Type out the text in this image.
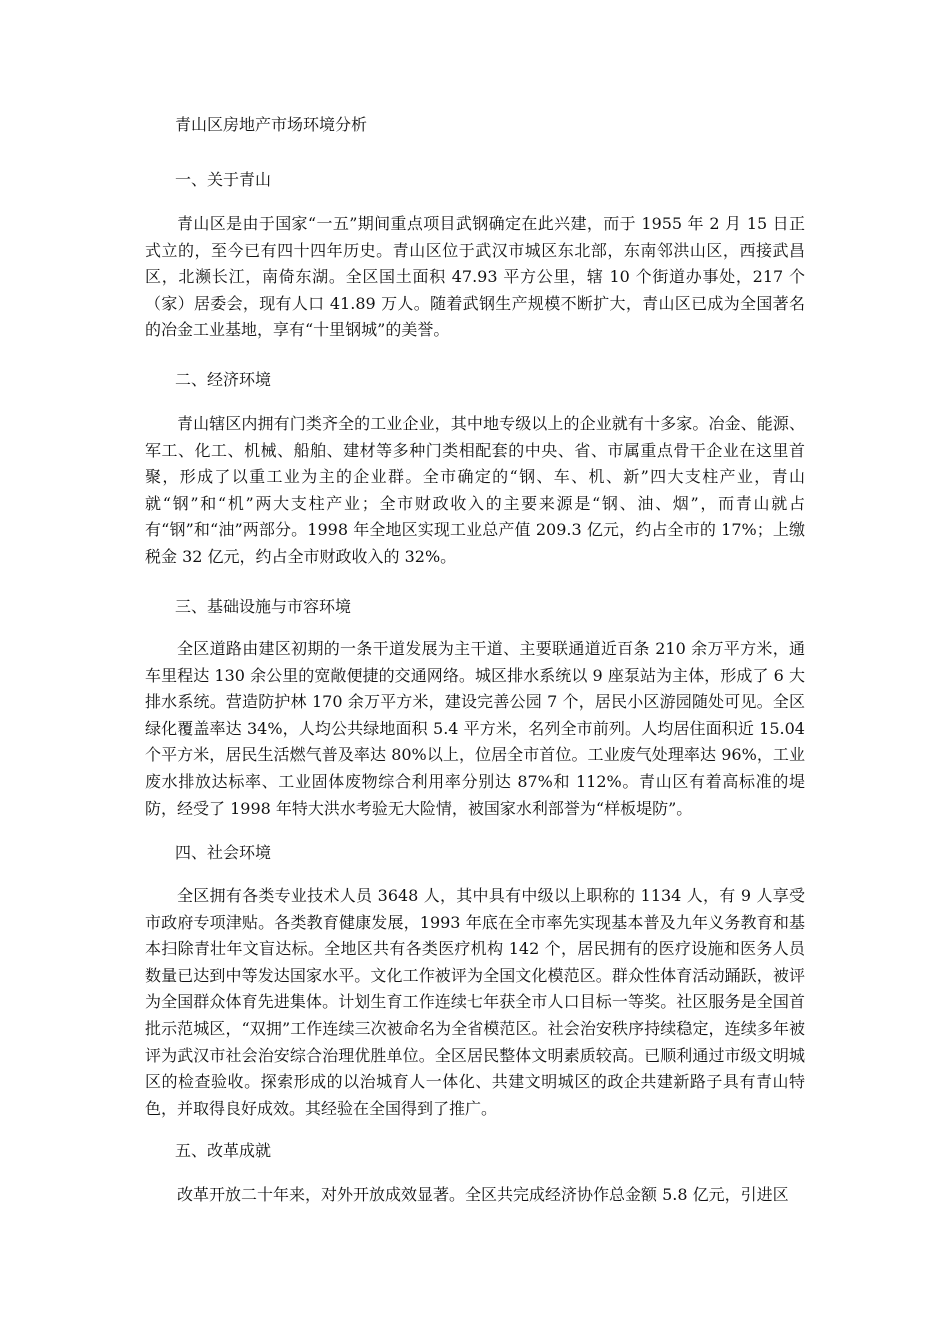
青山区房地产市场环境分析
一、关于青山

青山区是由于国家“一五”期间重点项目武钢确定在此兴建，而于 1955 年 2 月 15 日正式立的，至今已有四十四年历史。青山区位于武汉市城区东北部，东南邻洪山区，西接武昌区，北濒长江，南倚东湖。全区国土面积 47.93 平方公里，辖 10 个街道办事处，217 个（家）居委会，现有人口 41.89 万人。随着武钢生产规模不断扩大，青山区已成为全国著名的冶金工业基地，享有“十里钢城”的美誉。

二、经济环境

青山辖区内拥有门类齐全的工业企业，其中地专级以上的企业就有十多家。冶金、能源、军工、化工、机械、船舶、建材等多种门类相配套的中央、省、市属重点骨干企业在这里首聚，形成了以重工业为主的企业群。全市确定的“钢、车、机、新”四大支柱产业，青山就“钢”和“机”两大支柱产业；全市财政收入的主要来源是“钢、油、烟”，而青山就占有“钢”和“油”两部分。1998 年全地区实现工业总产值 209.3 亿元，约占全市的 17%；上缴税金 32 亿元，约占全市财政收入的 32%。

三、基础设施与市容环境

全区道路由建区初期的一条干道发展为主干道、主要联通道近百条 210 余万平方米，通车里程达 130 余公里的宽敞便捷的交通网络。城区排水系统以 9 座泵站为主体，形成了 6 大排水系统。营造防护林 170 余万平方米，建设完善公园 7 个，居民小区游园随处可见。全区绿化覆盖率达 34%，人均公共绿地面积 5.4 平方米，名列全市前列。人均居住面积近 15.04 个平方米，居民生活燃气普及率达 80%以上，位居全市首位。工业废气处理率达 96%，工业废水排放达标率、工业固体废物综合利用率分别达 87%和 112%。青山区有着高标准的堤防，经受了 1998 年特大洪水考验无大险情，被国家水利部誉为“样板堤防”。

四、社会环境

全区拥有各类专业技术人员 3648 人，其中具有中级以上职称的 1134 人，有 9 人享受市政府专项津贴。各类教育健康发展，1993 年底在全市率先实现基本普及九年义务教育和基本扫除青壮年文盲达标。全地区共有各类医疗机构 142 个，居民拥有的医疗设施和医务人员数量已达到中等发达国家水平。文化工作被评为全国文化模范区。群众性体育活动踊跃，被评为全国群众体育先进集体。计划生育工作连续七年获全市人口目标一等奖。社区服务是全国首批示范城区，“双拥”工作连续三次被命名为全省模范区。社会治安秩序持续稳定，连续多年被评为武汉市社会治安综合治理优胜单位。全区居民整体文明素质较高。已顺利通过市级文明城区的检查验收。探索形成的以治城育人一体化、共建文明城区的政企共建新路子具有青山特色，并取得良好成效。其经验在全国得到了推广。

五、改革成就

改革开放二十年来，对外开放成效显著。全区共完成经济协作总金额 5.8 亿元，引进区
